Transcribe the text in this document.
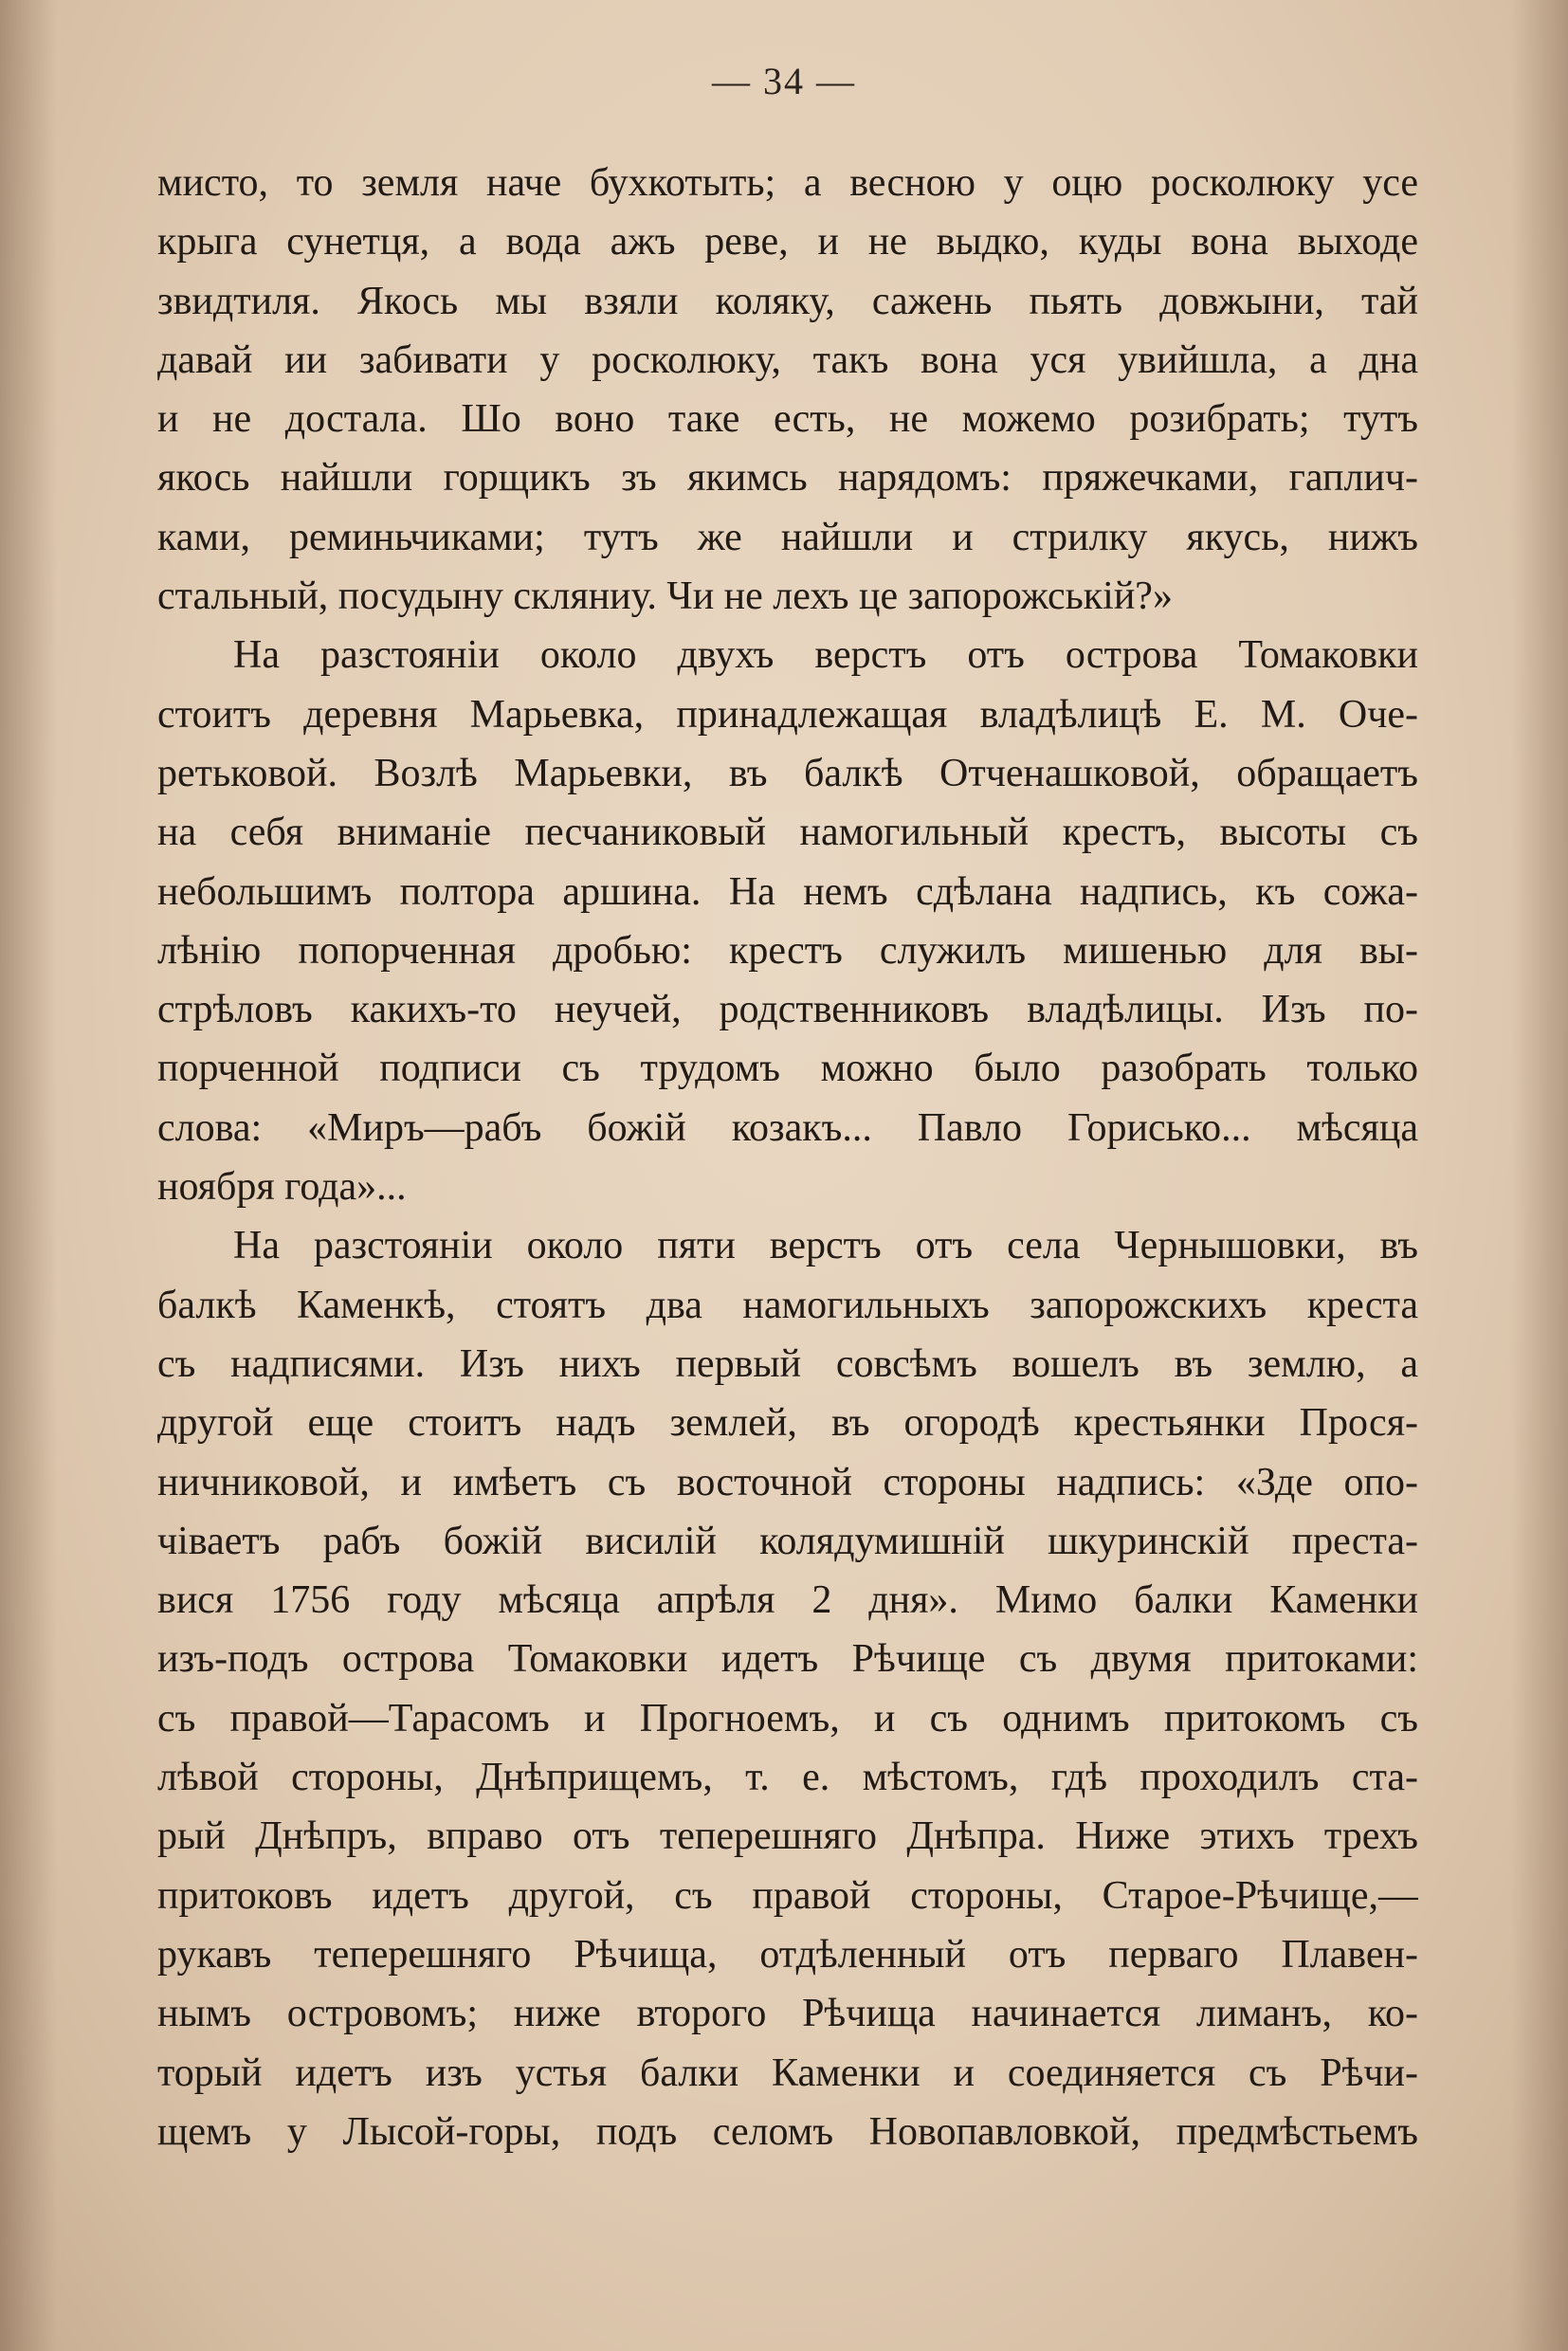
— 34 —
мисто, то земля наче бухкотыть; а весною у оцю росколюку усе
крыга сунетця, а вода ажъ реве, и не выдко, куды вона выходе
звидтиля. Якось мы взяли коляку, сажень пьять довжыни, тай
давай ии забивати у росколюку, такъ вона уся увийшла, а дна
и не достала. Шо воно таке есть, не можемо розибрать; тутъ
якось найшли горщикъ зъ якимсь нарядомъ: пряжечками, гаплич-
ками, реминьчиками; тутъ же найшли и стрилку якусь, нижъ
стальный, посудыну скляниу. Чи не лехъ це запорожськiй?»
На разстоянiи около двухъ верстъ отъ острова Томаковки
стоитъ деревня Марьевка, принадлежащая владѣлицѣ Е. М. Оче-
ретьковой. Возлѣ Марьевки, въ балкѣ Отченашковой, обращаетъ
на себя вниманiе песчаниковый намогильный крестъ, высоты съ
небольшимъ полтора аршина. На немъ сдѣлана надпись, къ сожа-
лѣнiю попорченная дробью: крестъ служилъ мишенью для вы-
стрѣловъ какихъ-то неучей, родственниковъ владѣлицы. Изъ по-
порченной подписи съ трудомъ можно было разобрать только
слова: «Миръ—рабъ божiй козакъ... Павло Горисько... мѣсяца
ноября года»...
На разстоянiи около пяти верстъ отъ села Чернышовки, въ
балкѣ Каменкѣ, стоятъ два намогильныхъ запорожскихъ креста
съ надписями. Изъ нихъ первый совсѣмъ вошелъ въ землю, а
другой еще стоитъ надъ землей, въ огородѣ крестьянки Прося-
ничниковой, и имѣетъ съ восточной стороны надпись: «Зде опо-
чiваетъ рабъ божiй висилiй колядумишнiй шкуринскiй преста-
вися 1756 году мѣсяца апрѣля 2 дня». Мимо балки Каменки
изъ-подъ острова Томаковки идетъ Рѣчище съ двумя притоками:
съ правой—Тарасомъ и Прогноемъ, и съ однимъ притокомъ съ
лѣвой стороны, Днѣприщемъ, т. е. мѣстомъ, гдѣ проходилъ ста-
рый Днѣпръ, вправо отъ теперешняго Днѣпра. Ниже этихъ трехъ
притоковъ идетъ другой, съ правой стороны, Старое-Рѣчище,—
рукавъ теперешняго Рѣчища, отдѣленный отъ перваго Плавен-
нымъ островомъ; ниже второго Рѣчища начинается лиманъ, ко-
торый идетъ изъ устья балки Каменки и соединяется съ Рѣчи-
щемъ у Лысой-горы, подъ селомъ Новопавловкой, предмѣстьемъ
